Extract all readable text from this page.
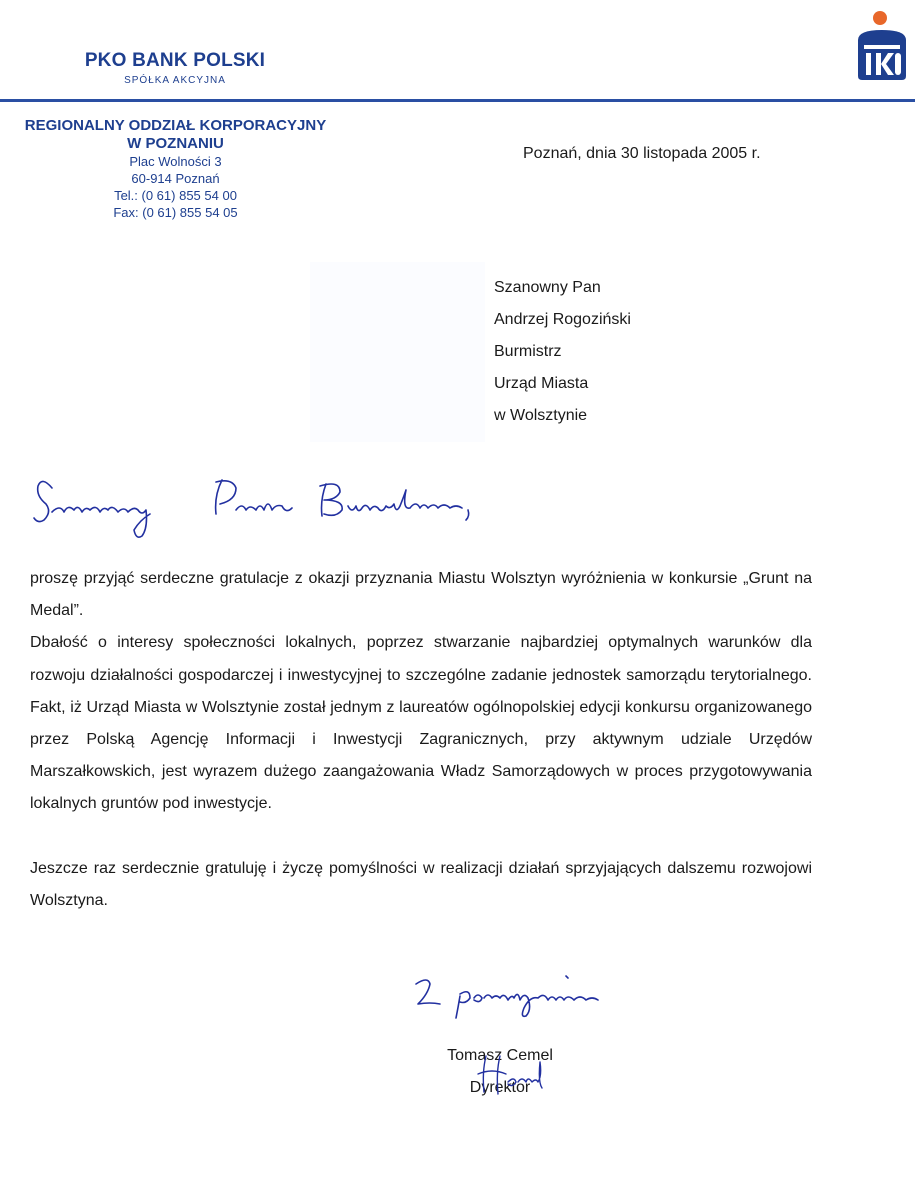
PKO BANK POLSKI
SPÓŁKA AKCYJNA
REGIONALNY ODDZIAŁ KORPORACYJNY
W POZNANIU
Plac Wolności 3
60-914 Poznań
Tel.: (0 61) 855 54 00
Fax: (0 61) 855 54 05
Poznań, dnia 30 listopada 2005 r.
Szanowny Pan
Andrzej Rogoziński
Burmistrz
Urząd Miasta
w Wolsztynie

proszę przyjąć serdeczne gratulacje z okazji przyznania Miastu Wolsztyn wyróżnienia w konkursie „Grunt na Medal”.

Dbałość o interesy społeczności lokalnych, poprzez stwarzanie najbardziej optymalnych warunków dla rozwoju działalności gospodarczej i inwestycyjnej to szczególne zadanie jednostek samorządu terytorialnego. Fakt, iż Urząd Miasta w Wolsztynie został jednym z laureatów ogólnopolskiej edycji konkursu organizowanego przez Polską Agencję Informacji i Inwestycji Zagranicznych, przy aktywnym udziale Urzędów Marszałkowskich, jest wyrazem dużego zaangażowania Władz Samorządowych w proces przygotowywania lokalnych gruntów pod inwestycje.

Jeszcze raz serdecznie gratuluję i życzę pomyślności w realizacji działań sprzyjających dalszemu rozwojowi Wolsztyna.

Tomasz Cemel
Dyrektor
